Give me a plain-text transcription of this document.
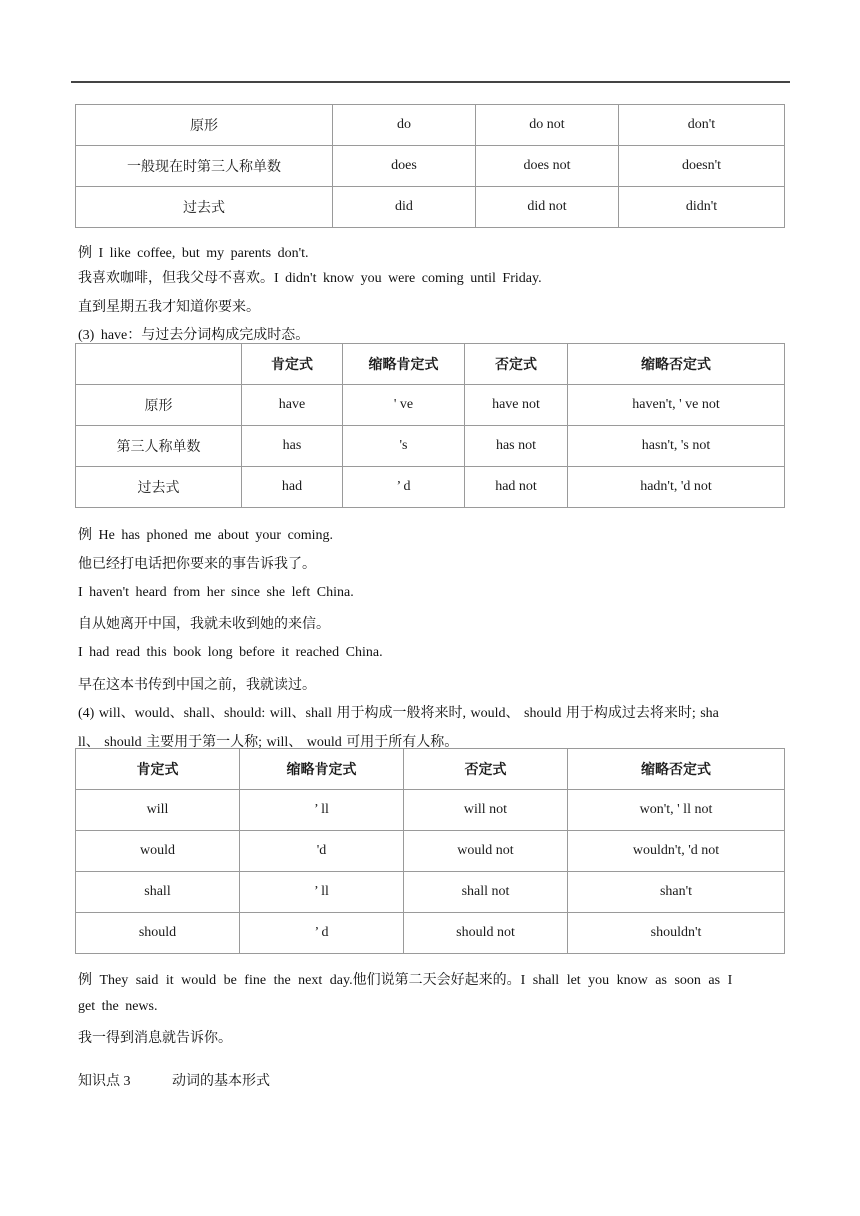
原形	do	do not	don't
一般现在时第三人称单数	does	does not	doesn't
过去式	did	did not	didn't
例 I like coffee, but my parents don't.
我喜欢咖啡，但我父母不喜欢。I didn't know you were coming until Friday.
直到星期五我才知道你要来。
(3) have：与过去分词构成完成时态。
	肯定式	缩略肯定式	否定式	缩略否定式
原形	have	' ve	have not	haven't, ' ve not
第三人称单数	has	's	has not	hasn't, 's not
过去式	had	’ d	had not	hadn't, 'd not
例 He has phoned me about your coming.
他已经打电话把你要来的事告诉我了。
I haven't heard from her since she left China.
自从她离开中国，我就未收到她的来信。
I had read this book long before it reached China.
早在这本书传到中国之前，我就读过。
(4) will、would、shall、should: will、shall 用于构成一般将来时, would、 should 用于构成过去将来时; sha
ll、 should 主要用于第一人称; will、 would 可用于所有人称。
肯定式	缩略肯定式	否定式	缩略否定式
will	’ ll	will not	won't, ' ll not
would	'd	would not	wouldn't, 'd not
shall	’ ll	shall not	shan't
should	’ d	should not	shouldn't
例 They said it would be fine the next day.他们说第二天会好起来的。I shall let you know as soon as I
get the news.
我一得到消息就告诉你。
知识点 3	动词的基本形式
